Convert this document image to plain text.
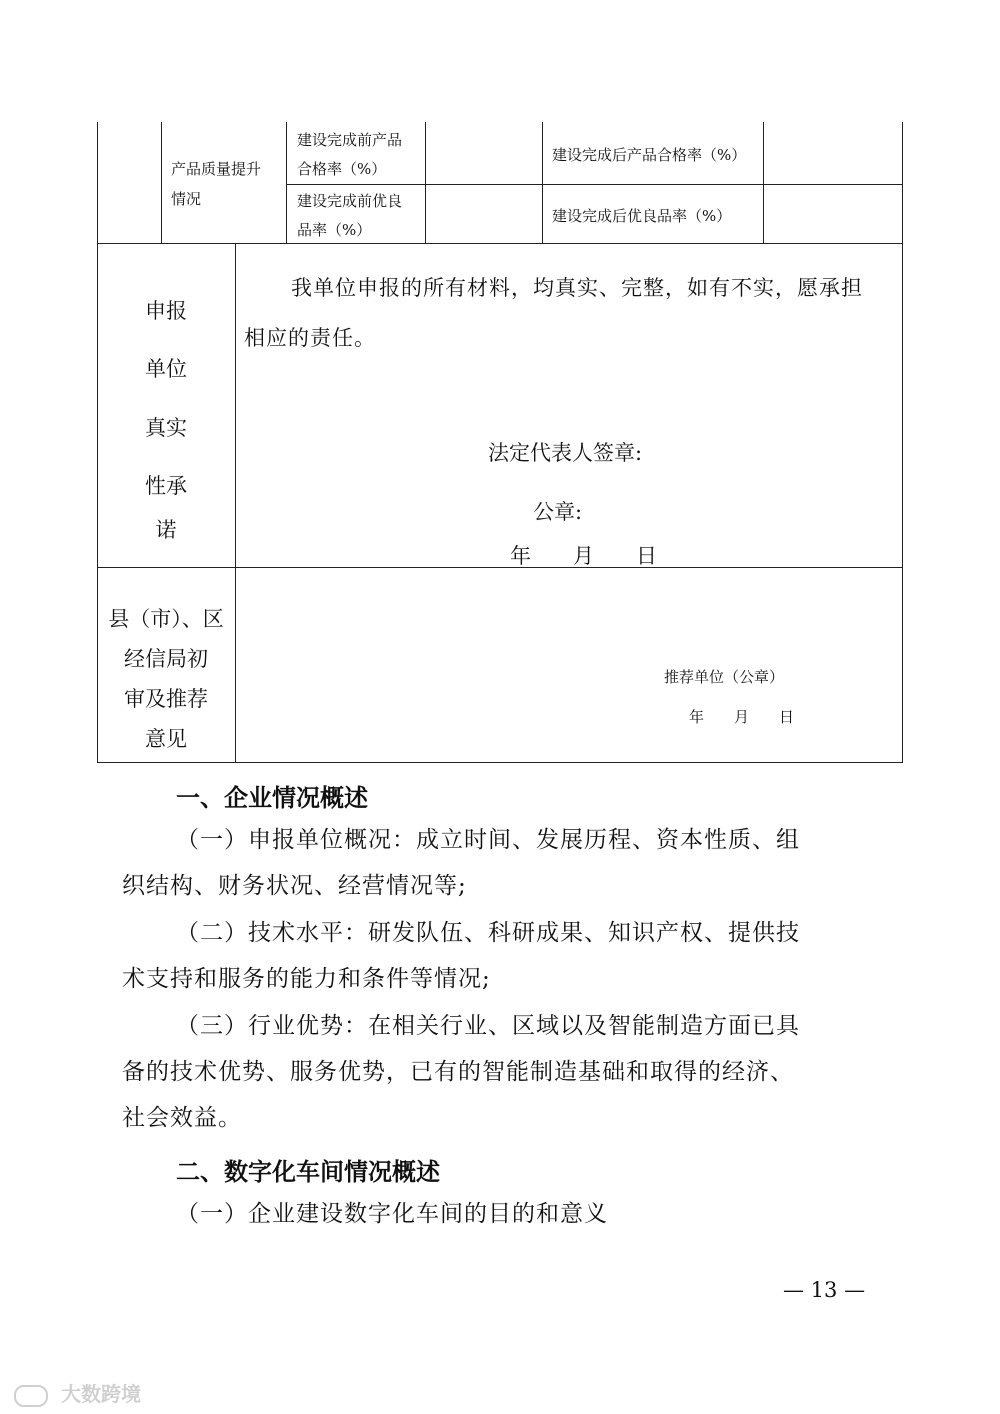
产品质量提升
情况
建设完成前产品
合格率（%）
建设完成后产品合格率（%）
建设完成前优良
品率（%）
建设完成后优良品率（%）
申报
单位
真实
性承
诺
我单位申报的所有材料，均真实、完整，如有不实，愿承担
相应的责任。
法定代表人签章:
公章:
年　　月　　日
县（市）、区
经信局初
审及推荐
意见
推荐单位（公章）
年　　月　　日
一、企业情况概述
（一）申报单位概况：成立时间、发展历程、资本性质、组
织结构、财务状况、经营情况等;
（二）技术水平：研发队伍、科研成果、知识产权、提供技
术支持和服务的能力和条件等情况;
（三）行业优势：在相关行业、区域以及智能制造方面已具
备的技术优势、服务优势，已有的智能制造基础和取得的经济、
社会效益。
二、数字化车间情况概述
（一）企业建设数字化车间的目的和意义
— 13 —
大数跨境
